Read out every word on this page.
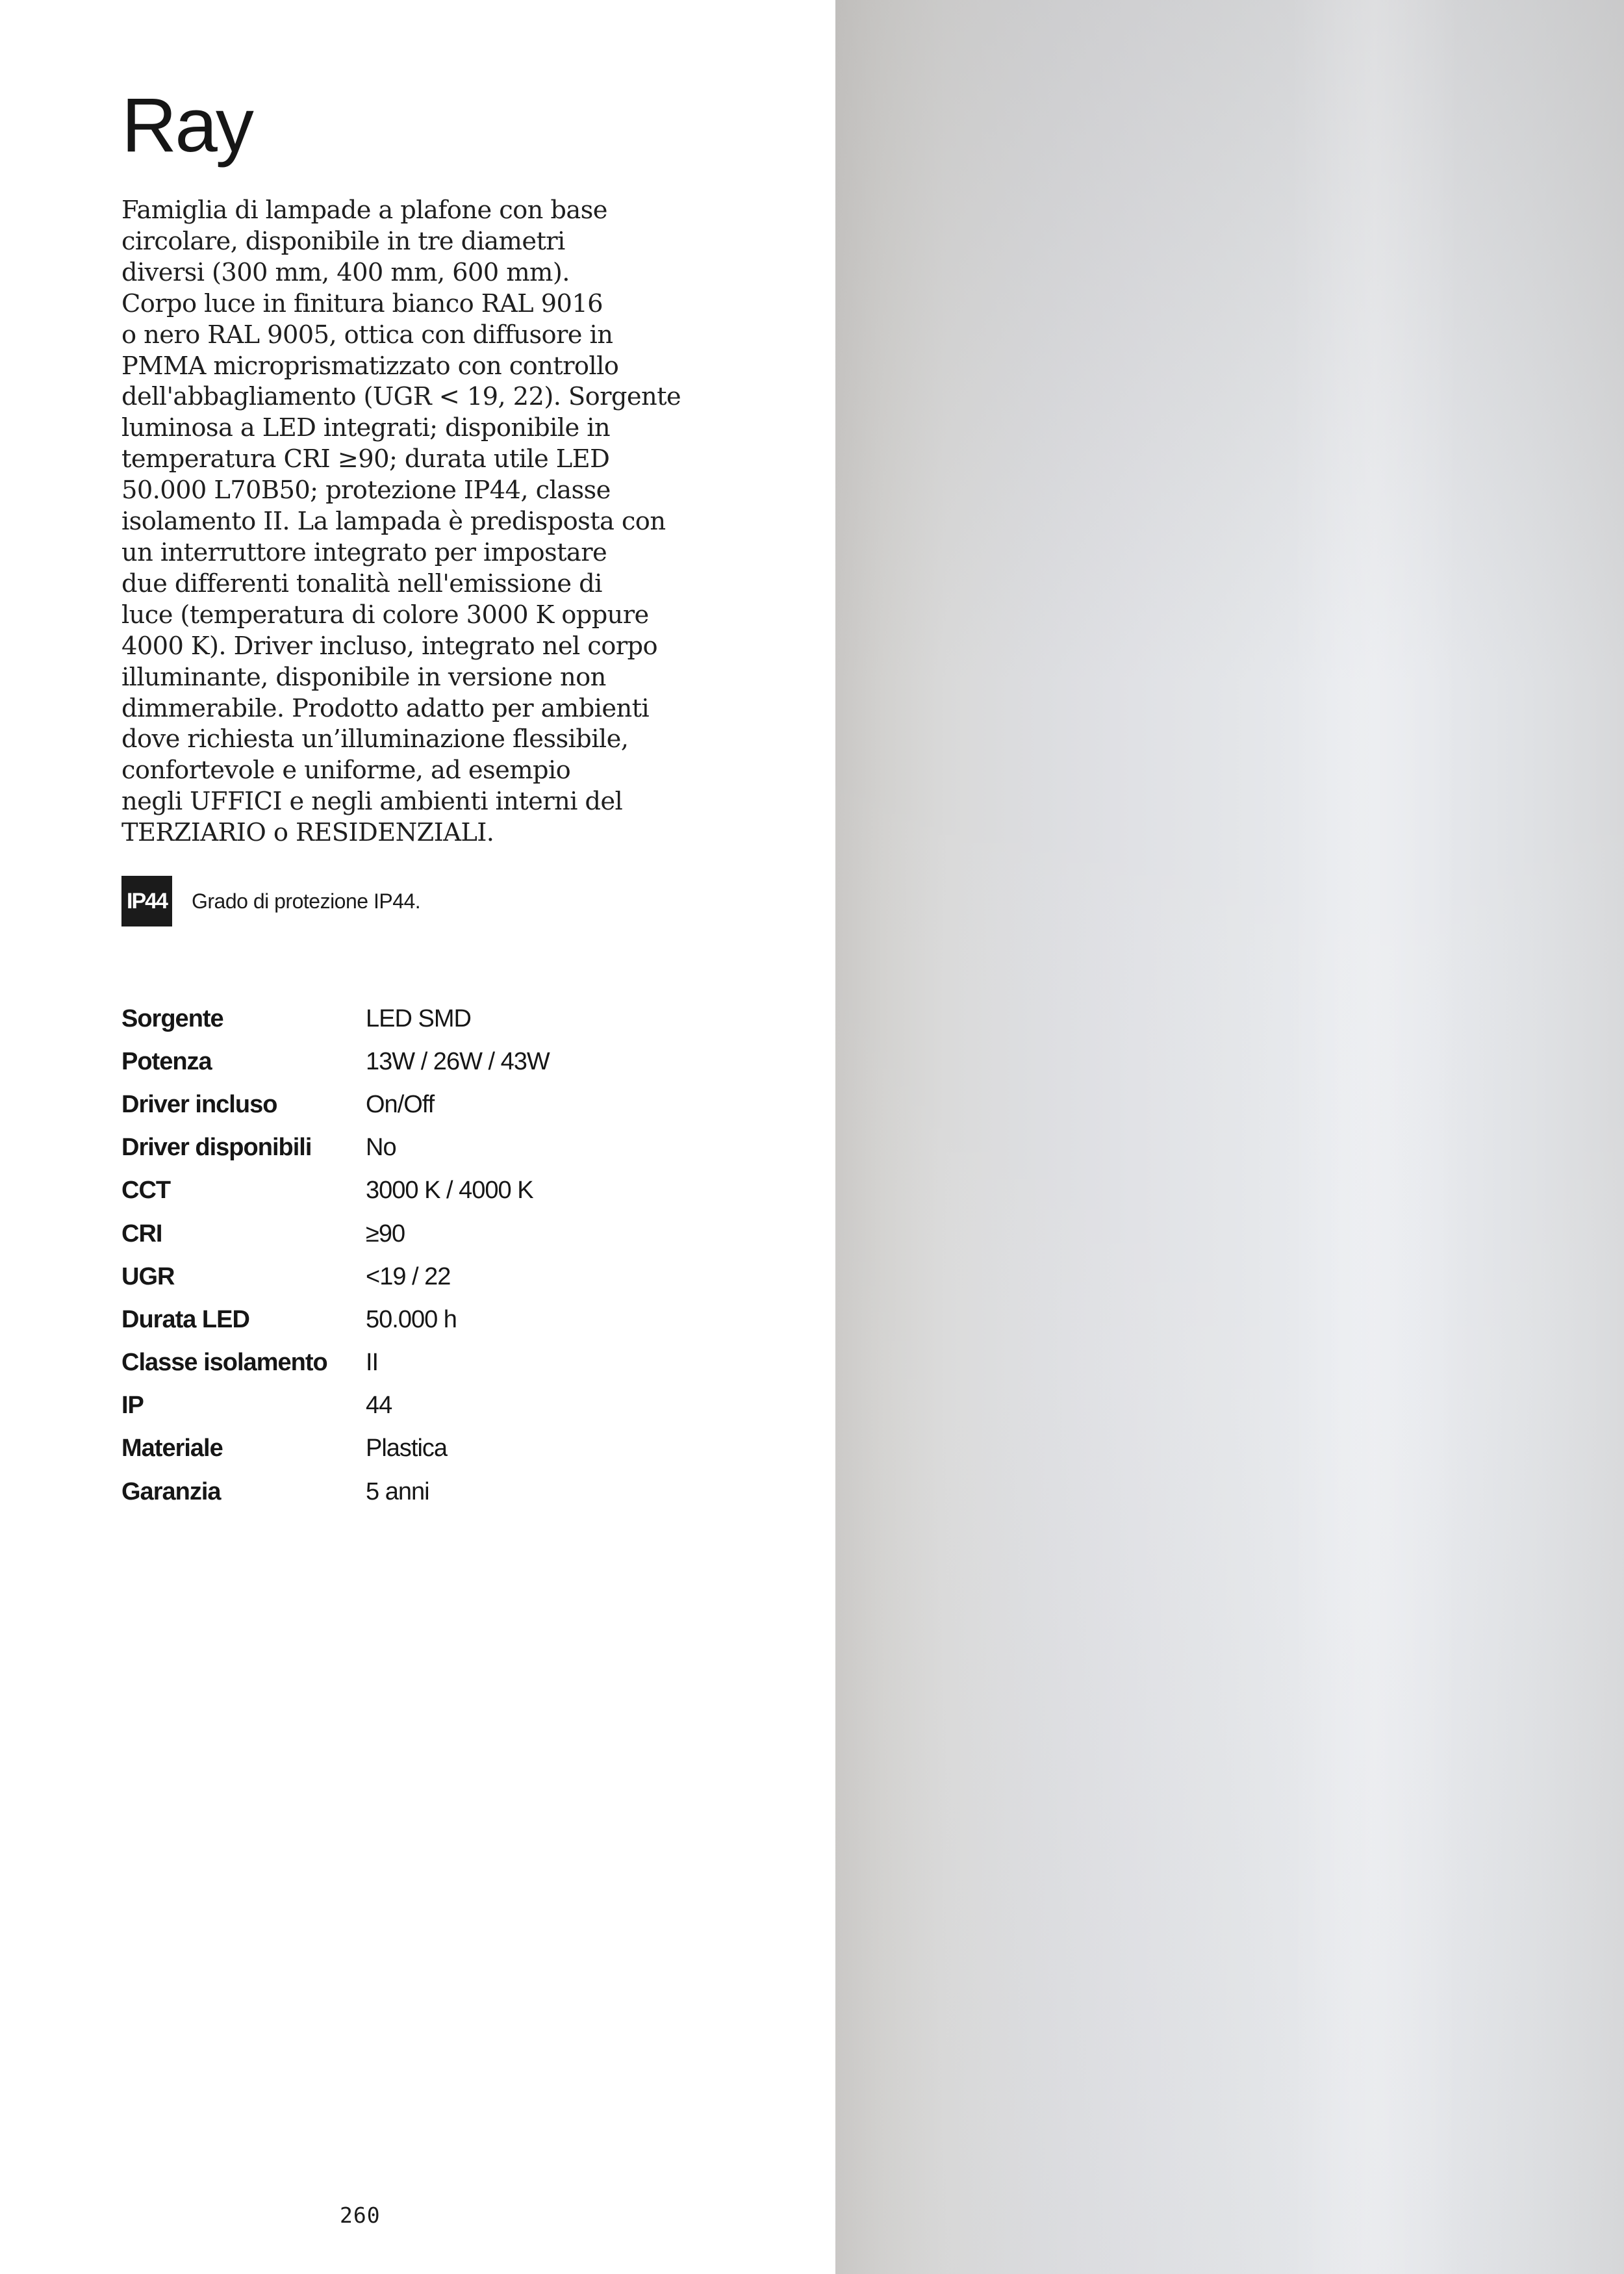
Ray

Famiglia di lampade a plafone con base
circolare, disponibile in tre diametri
diversi (300 mm, 400 mm, 600 mm).
Corpo luce in finitura bianco RAL 9016
o nero RAL 9005, ottica con diffusore in
PMMA microprismatizzato con controllo
dell'abbagliamento (UGR < 19, 22). Sorgente
luminosa a LED integrati; disponibile in
temperatura CRI ≥90; durata utile LED
50.000 L70B50; protezione IP44, classe
isolamento II. La lampada è predisposta con
un interruttore integrato per impostare
due differenti tonalità nell'emissione di
luce (temperatura di colore 3000 K oppure
4000 K). Driver incluso, integrato nel corpo
illuminante, disponibile in versione non
dimmerabile. Prodotto adatto per ambienti
dove richiesta un’illuminazione flessibile,
confortevole e uniforme, ad esempio
negli UFFICI e negli ambienti interni del
TERZIARIO o RESIDENZIALI.

IP44 Grado di protezione IP44.
Sorgente	LED SMD
Potenza	13W / 26W / 43W
Driver incluso	On/Off
Driver disponibili	No
CCT	3000 K / 4000 K
CRI	≥90
UGR	<19 / 22
Durata LED	50.000 h
Classe isolamento	II
IP	44
Materiale	Plastica
Garanzia	5 anni
260
